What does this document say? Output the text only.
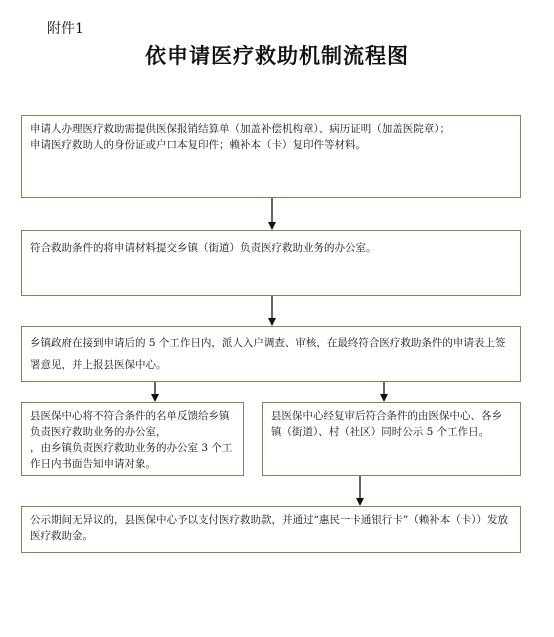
附件1
依申请医疗救助机制流程图
申请人办理医疗救助需提供医保报销结算单（加盖补偿机构章）、病历证明（加盖医院章）；
申请医疗救助人的身份证或户口本复印件；赖补本（卡）复印件等材料。
符合救助条件的将申请材料提交乡镇（街道）负责医疗救助业务的办公室。
乡镇政府在接到申请后的 5 个工作日内，派人入户调查、审核，在最终符合医疗救助条件的申请表上签署意见，并上报县医保中心。
县医保中心将不符合条件的名单反馈给乡镇负责医疗救助业务的办公室，
，由乡镇负责医疗救助业务的办公室 3 个工作日内书面告知申请对象。
县医保中心经复审后符合条件的由医保中心、各乡镇（街道）、村（社区）同时公示 5 个工作日。
公示期间无异议的，县医保中心予以支付医疗救助款，并通过“惠民一卡通银行卡”（赖补本（卡））发放医疗救助金。
